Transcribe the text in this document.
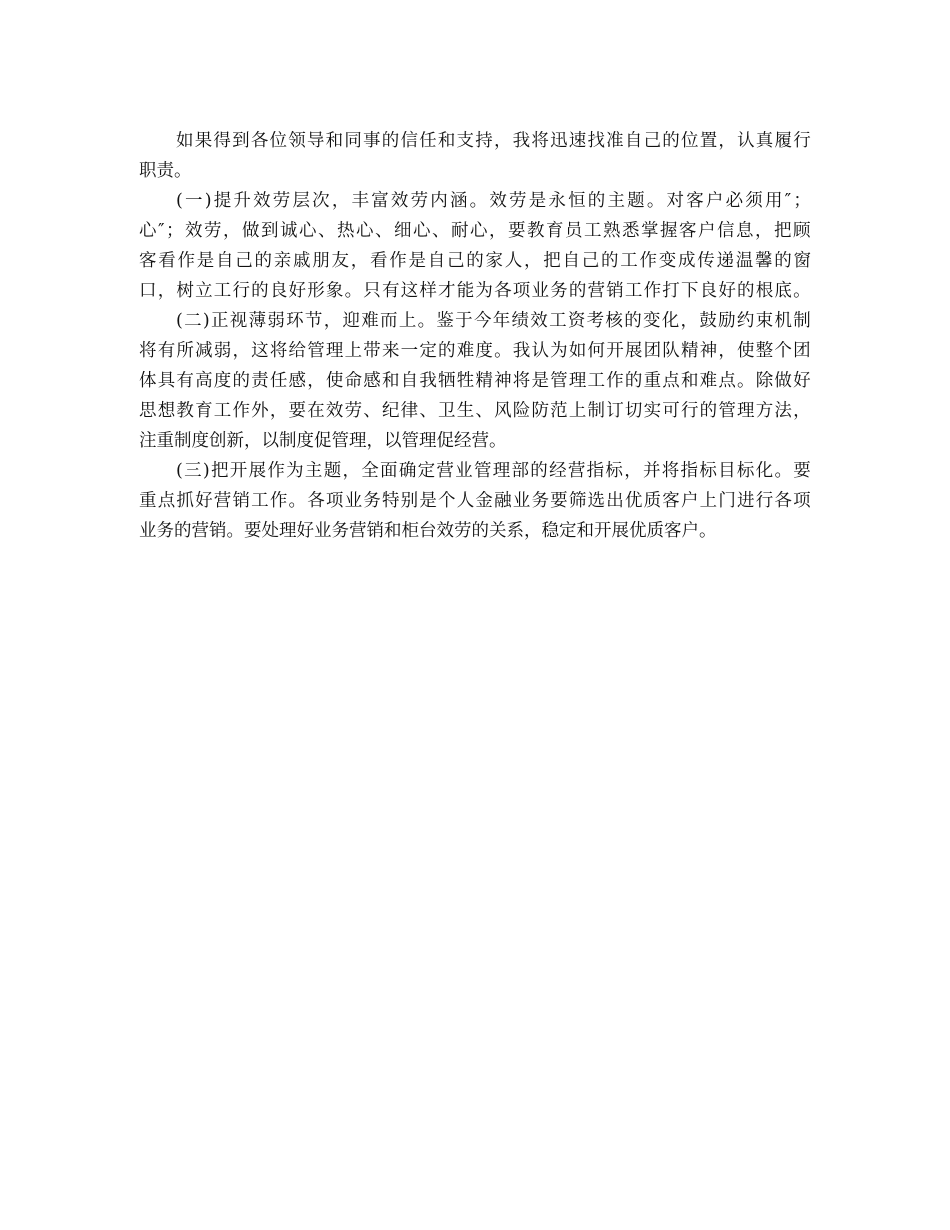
如 果 得 到 各 位 领 导 和 同 事 的 信 任 和 支 持 ， 我 将 迅 速 找 准 自 己 的 位 置 ， 认 真 履 行
职责。
( 一 ) 提 升 效 劳 层 次 ， 丰 富 效 劳 内 涵 。 效 劳 是 永 恒 的 主 题 。 对 客 户 必 须 用 ″ ；
心 ″ ； 效 劳 ， 做 到 诚 心 、 热 心 、 细 心 、 耐 心 ， 要 教 育 员 工 熟 悉 掌 握 客 户 信 息 ， 把 顾
客 看 作 是 自 己 的 亲 戚 朋 友 ， 看 作 是 自 己 的 家 人 ， 把 自 己 的 工 作 变 成 传 递 温 馨 的 窗
口 ， 树 立 工 行 的 良 好 形 象 。 只 有 这 样 才 能 为 各 项 业 务 的 营 销 工 作 打 下 良 好 的 根 底 。
( 二 ) 正 视 薄 弱 环 节 ， 迎 难 而 上 。 鉴 于 今 年 绩 效 工 资 考 核 的 变 化 ， 鼓 励 约 束 机 制
将 有 所 减 弱 ， 这 将 给 管 理 上 带 来 一 定 的 难 度 。 我 认 为 如 何 开 展 团 队 精 神 ， 使 整 个 团
体 具 有 高 度 的 责 任 感 ， 使 命 感 和 自 我 牺 牲 精 神 将 是 管 理 工 作 的 重 点 和 难 点 。 除 做 好
思 想 教 育 工 作 外 ， 要 在 效 劳 、 纪 律 、 卫 生 、 风 险 防 范 上 制 订 切 实 可 行 的 管 理 方 法 ，
注重制度创新，以制度促管理，以管理促经营。
( 三 ) 把 开 展 作 为 主 题 ， 全 面 确 定 营 业 管 理 部 的 经 营 指 标 ， 并 将 指 标 目 标 化 。 要
重 点 抓 好 营 销 工 作 。 各 项 业 务 特 别 是 个 人 金 融 业 务 要 筛 选 出 优 质 客 户 上 门 进 行 各 项
业务的营销。要处理好业务营销和柜台效劳的关系，稳定和开展优质客户。
